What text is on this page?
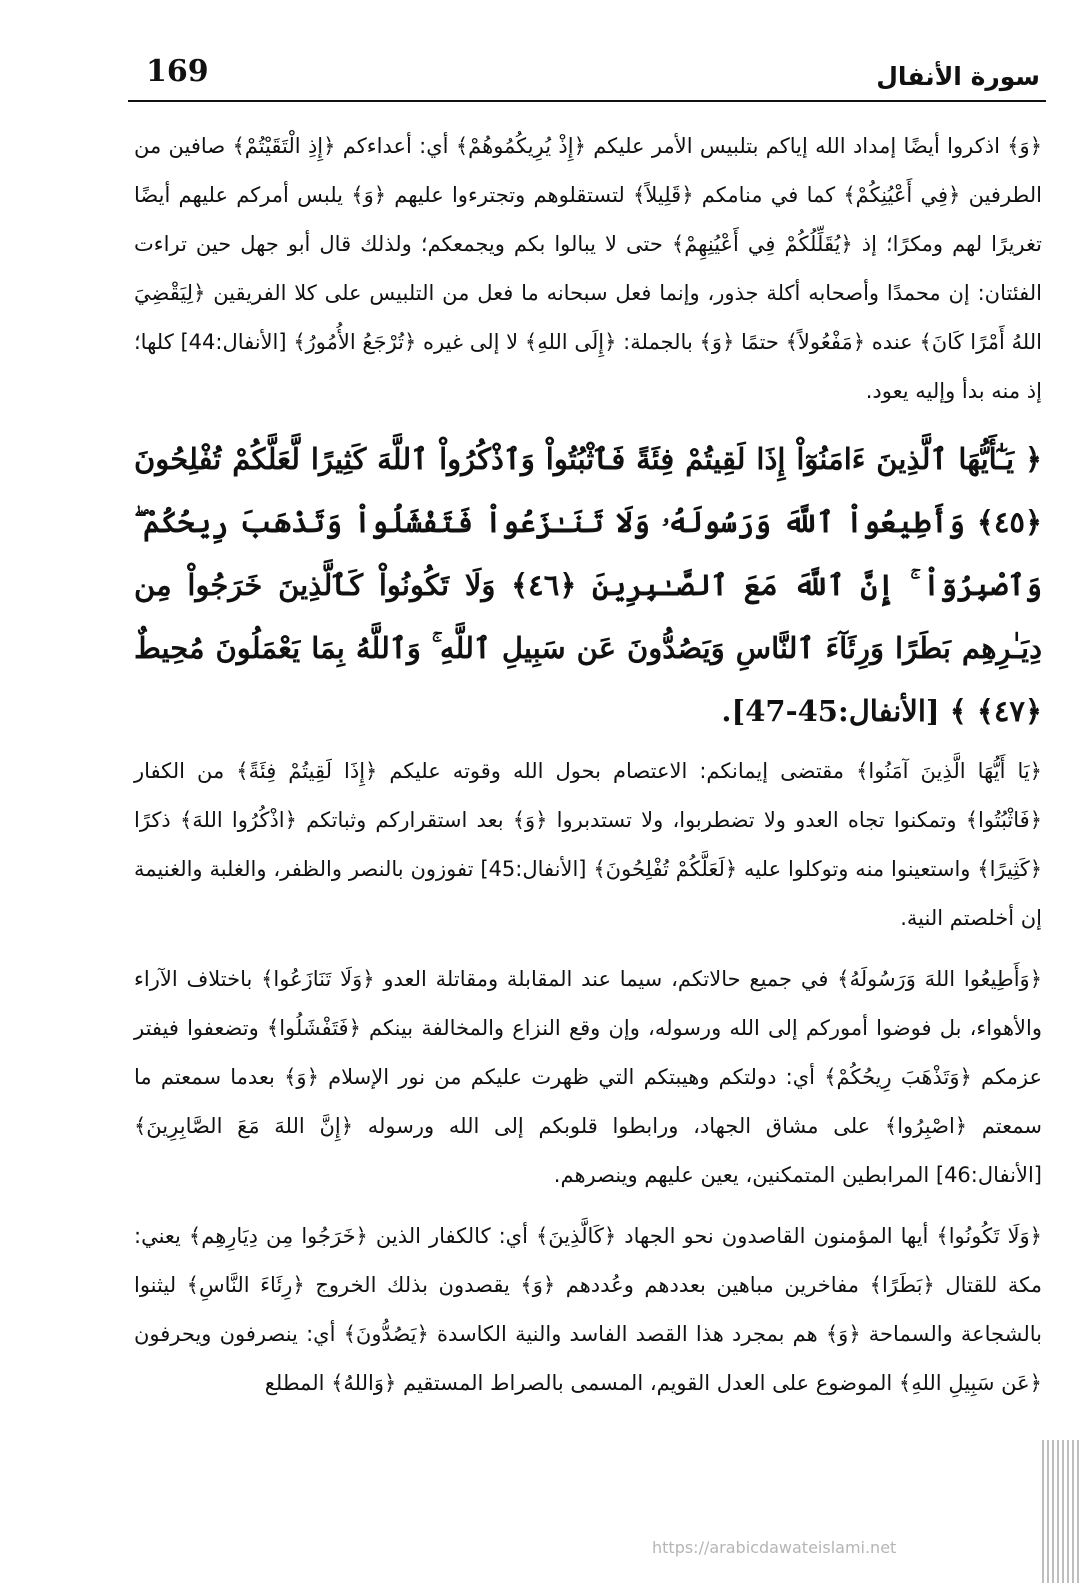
169	سورة الأنفال

﴿وَ﴾ اذكروا أيضًا إمداد الله إياكم بتلبيس الأمر عليكم ﴿إِذْ يُرِيكُمُوهُمْ﴾ أي: أعداءكم ﴿إِذِ الْتَقَيْتُمْ﴾ صافين من الطرفين ﴿فِي أَعْيُنِكُمْ﴾ كما في منامكم ﴿قَلِيلاً﴾ لتستقلوهم وتجترءوا عليهم ﴿وَ﴾ يلبس أمركم عليهم أيضًا تغريرًا لهم ومكرًا؛ إذ ﴿يُقَلِّلُكُمْ فِي أَعْيُنِهِمْ﴾ حتى لا يبالوا بكم ويجمعكم؛ ولذلك قال أبو جهل حين تراءت الفئتان: إن محمدًا وأصحابه أكلة جذور، وإنما فعل سبحانه ما فعل من التلبيس على كلا الفريقين ﴿لِيَقْضِيَ اللهُ أَمْرًا كَانَ﴾ عنده ﴿مَفْعُولاً﴾ حتمًا ﴿وَ﴾ بالجملة: ﴿إِلَى اللهِ﴾ لا إلى غيره ﴿تُرْجَعُ الأُمُورُ﴾ [الأنفال:44] كلها؛ إذ منه بدأ وإليه يعود.

﴿ يَـٰٓأَيُّهَا ٱلَّذِينَ ءَامَنُوٓاْ إِذَا لَقِيتُمْ فِئَةً فَٱثْبُتُواْ وَٱذْكُرُواْ ٱللَّهَ كَثِيرًا لَّعَلَّكُمْ تُفْلِحُونَ ﴿٤٥﴾ وَأَطِيعُواْ ٱللَّهَ وَرَسُولَهُۥ وَلَا تَنَـٰزَعُواْ فَتَفْشَلُواْ وَتَذْهَبَ رِيحُكُمْ ۖ وَٱصْبِرُوٓاْ ۚ إِنَّ ٱللَّهَ مَعَ ٱلصَّـٰبِرِينَ ﴿٤٦﴾ وَلَا تَكُونُواْ كَٱلَّذِينَ خَرَجُواْ مِن دِيَـٰرِهِم بَطَرًا وَرِئَآءَ ٱلنَّاسِ وَيَصُدُّونَ عَن سَبِيلِ ٱللَّهِ ۚ وَٱللَّهُ بِمَا يَعْمَلُونَ مُحِيطٌ ﴿٤٧﴾ ﴾ [الأنفال:45-47].

﴿يَا أَيُّهَا الَّذِينَ آمَنُوا﴾ مقتضى إيمانكم: الاعتصام بحول الله وقوته عليكم ﴿إِذَا لَقِيتُمْ فِئَةً﴾ من الكفار ﴿فَاثْبُتُوا﴾ وتمكنوا تجاه العدو ولا تضطربوا، ولا تستدبروا ﴿وَ﴾ بعد استقراركم وثباتكم ﴿اذْكُرُوا اللهَ﴾ ذكرًا ﴿كَثِيرًا﴾ واستعينوا منه وتوكلوا عليه ﴿لَعَلَّكُمْ تُفْلِحُونَ﴾ [الأنفال:45] تفوزون بالنصر والظفر، والغلبة والغنيمة إن أخلصتم النية.

﴿وَأَطِيعُوا اللهَ وَرَسُولَهُ﴾ في جميع حالاتكم، سيما عند المقابلة ومقاتلة العدو ﴿وَلَا تَنَازَعُوا﴾ باختلاف الآراء والأهواء، بل فوضوا أموركم إلى الله ورسوله، وإن وقع النزاع والمخالفة بينكم ﴿فَتَفْشَلُوا﴾ وتضعفوا فيفتر عزمكم ﴿وَتَذْهَبَ رِيحُكُمْ﴾ أي: دولتكم وهيبتكم التي ظهرت عليكم من نور الإسلام ﴿وَ﴾ بعدما سمعتم ما سمعتم ﴿اصْبِرُوا﴾ على مشاق الجهاد، ورابطوا قلوبكم إلى الله ورسوله ﴿إِنَّ اللهَ مَعَ الصَّابِرِينَ﴾ [الأنفال:46] المرابطين المتمكنين، يعين عليهم وينصرهم.

﴿وَلَا تَكُونُوا﴾ أيها المؤمنون القاصدون نحو الجهاد ﴿كَالَّذِينَ﴾ أي: كالكفار الذين ﴿خَرَجُوا مِن دِيَارِهِم﴾ يعني: مكة للقتال ﴿بَطَرًا﴾ مفاخرين مباهين بعددهم وعُددهم ﴿وَ﴾ يقصدون بذلك الخروج ﴿رِئَاءَ النَّاسِ﴾ ليثنوا بالشجاعة والسماحة ﴿وَ﴾ هم بمجرد هذا القصد الفاسد والنية الكاسدة ﴿يَصُدُّونَ﴾ أي: ينصرفون ويحرفون ﴿عَن سَبِيلِ اللهِ﴾ الموضوع على العدل القويم، المسمى بالصراط المستقيم ﴿وَاللهُ﴾ المطلع

https://arabicdawateislami.net
